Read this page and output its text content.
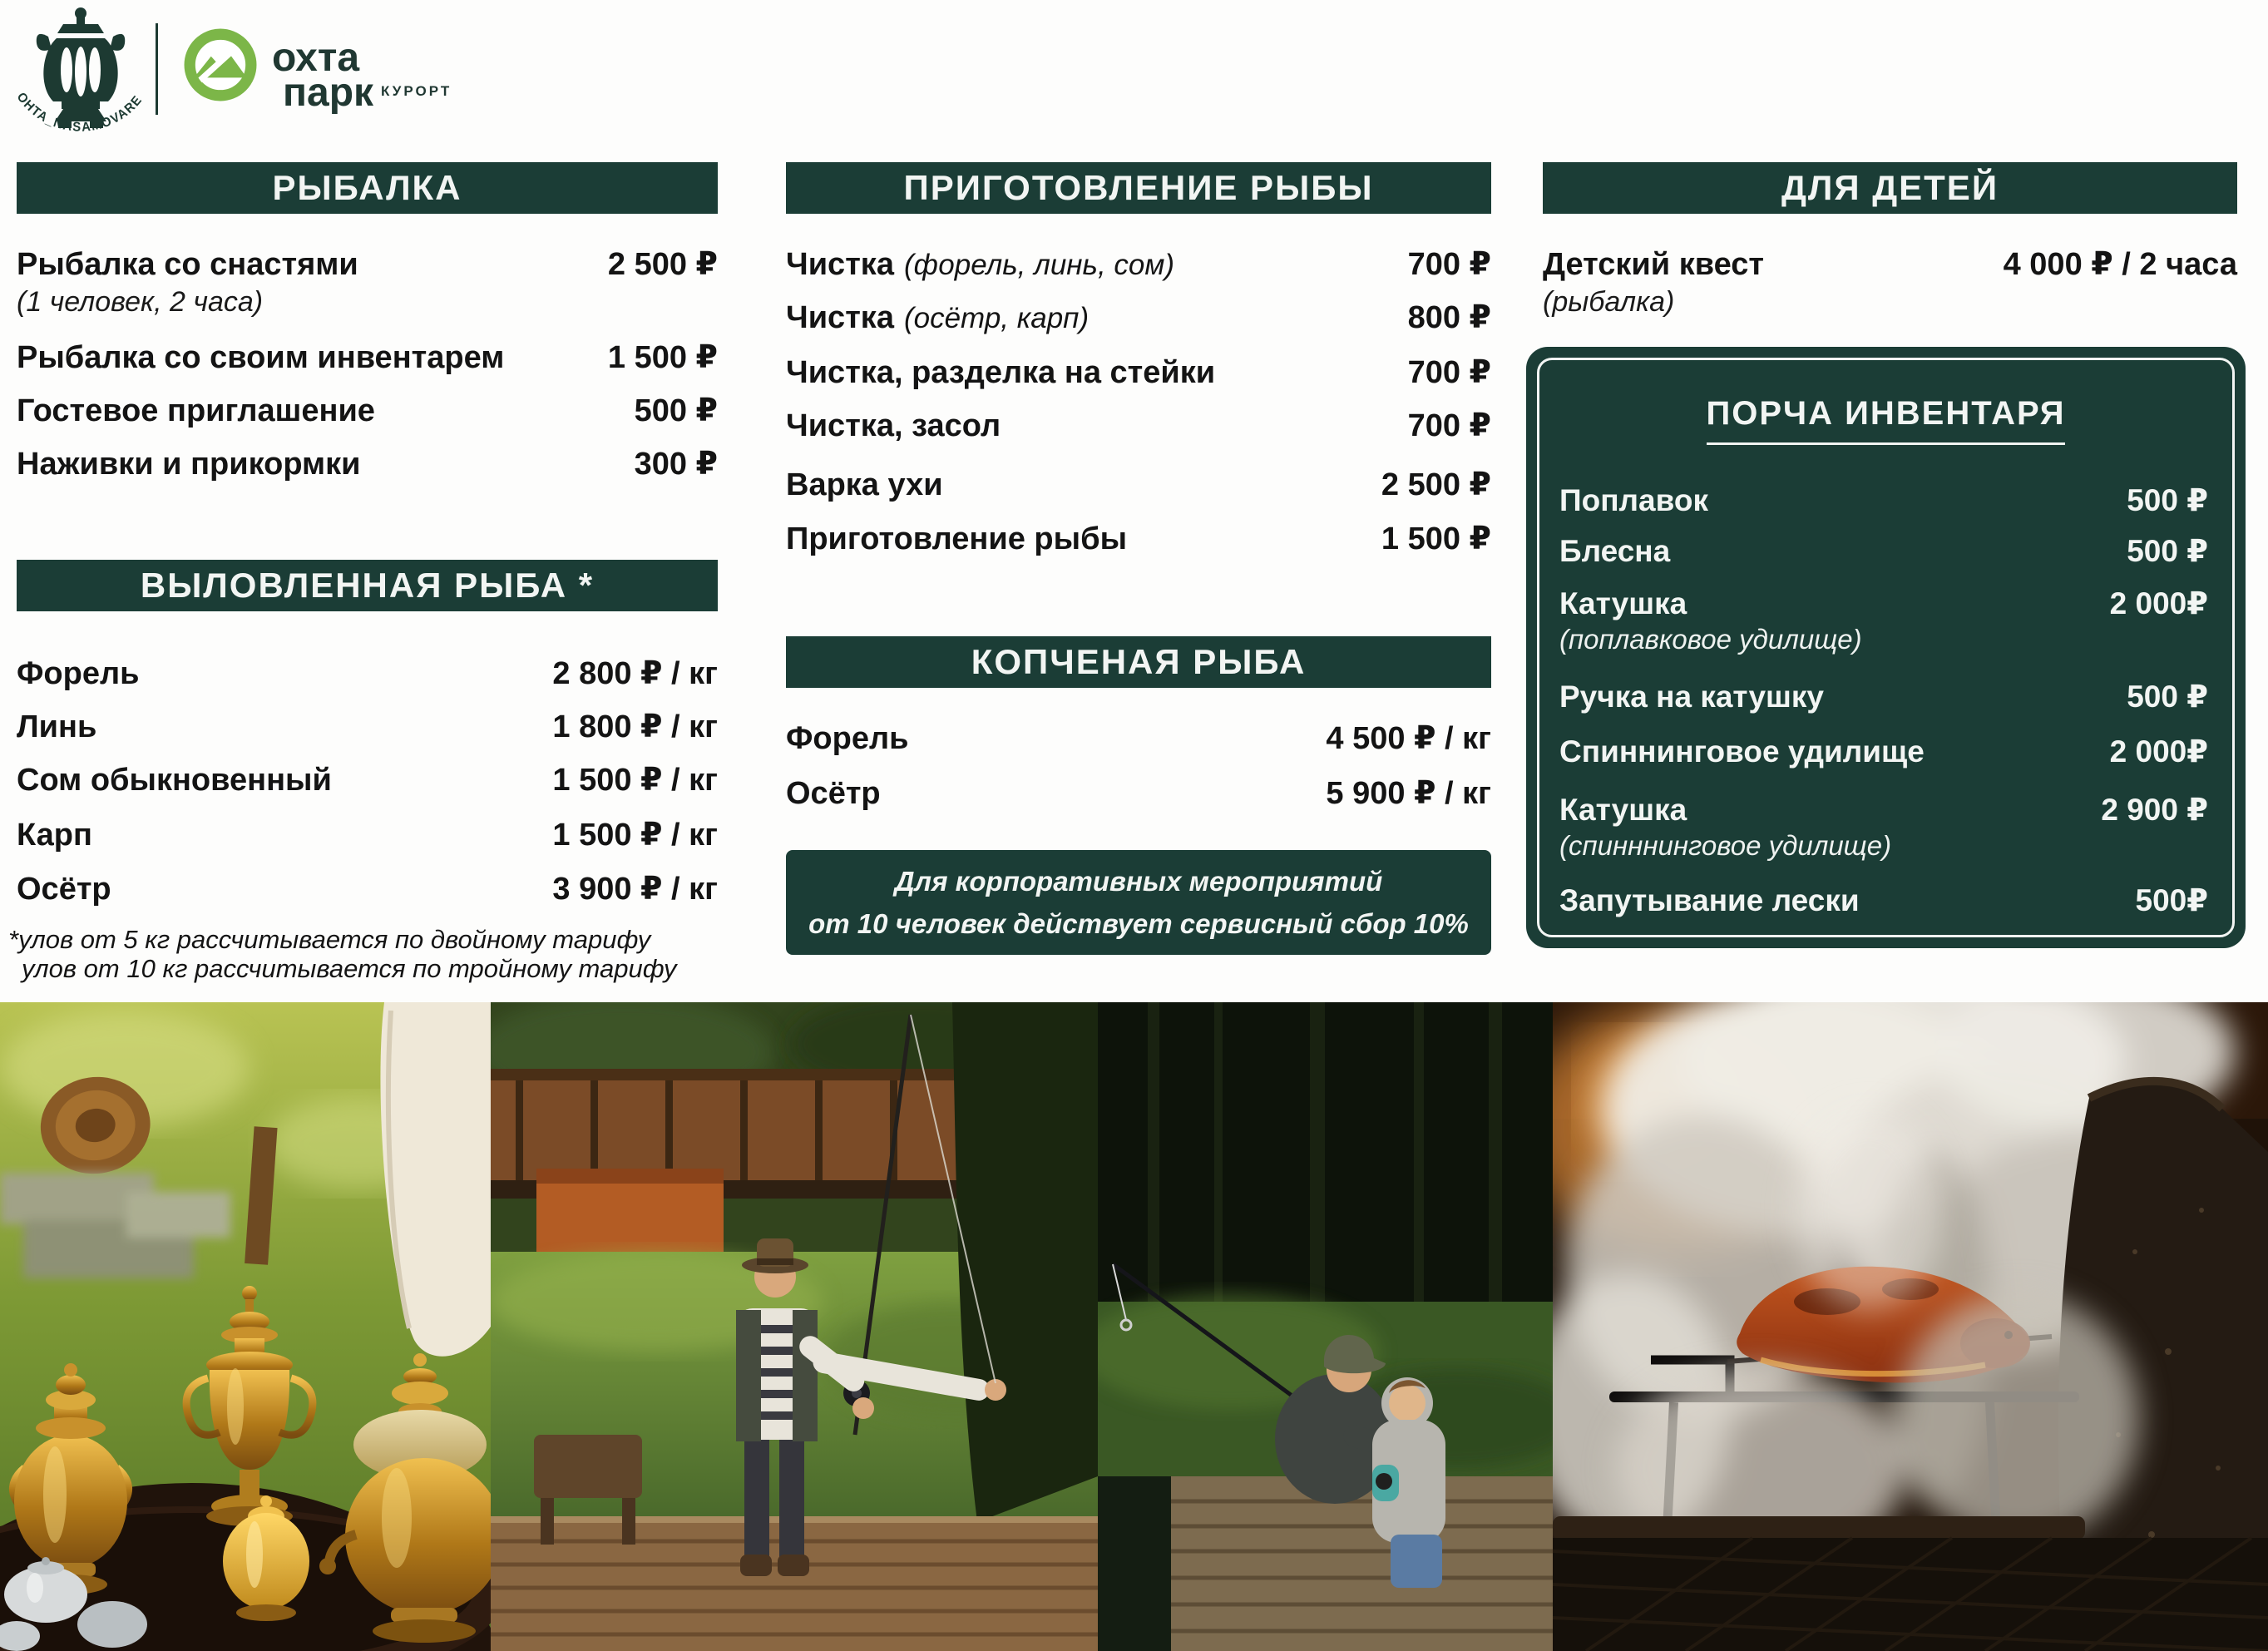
OHTA_NASAMOVARE
охта
парк КУРОРТ
РЫБАЛКА
Рыбалка со снастями	2 500 ₽
(1 человек, 2 часа)
Рыбалка со своим инвентарем	1 500 ₽
Гостевое приглашение	500 ₽
Наживки и прикормки	300 ₽
ВЫЛОВЛЕННАЯ РЫБА *
Форель	2 800 ₽ / кг
Линь	1 800 ₽ / кг
Сом обыкновенный	1 500 ₽ / кг
Карп	1 500 ₽ / кг
Осётр	3 900 ₽ / кг
*улов от 5 кг рассчитывается по двойному тарифу
улов от 10 кг рассчитывается по тройному тарифу
ПРИГОТОВЛЕНИЕ РЫБЫ
Чистка (форель, линь, сом)	700 ₽
Чистка (осётр, карп)	800 ₽
Чистка, разделка на стейки	700 ₽
Чистка, засол	700 ₽
Варка ухи	2 500 ₽
Приготовление рыбы	1 500 ₽
КОПЧЕНАЯ РЫБА
Форель	4 500 ₽ / кг
Осётр	5 900 ₽ / кг
Для корпоративных мероприятий
от 10 человек действует сервисный сбор 10%
ДЛЯ ДЕТЕЙ
Детский квест	4 000 ₽ / 2 часа
(рыбалка)
ПОРЧА ИНВЕНТАРЯ
Поплавок	500 ₽
Блесна	500 ₽
Катушка	2 000₽
(поплавковое удилище)
Ручка на катушку	500 ₽
Спиннинговое удилище	2 000₽
Катушка	2 900 ₽
(спинннинговое удилище)
Запутывание лески	500₽
